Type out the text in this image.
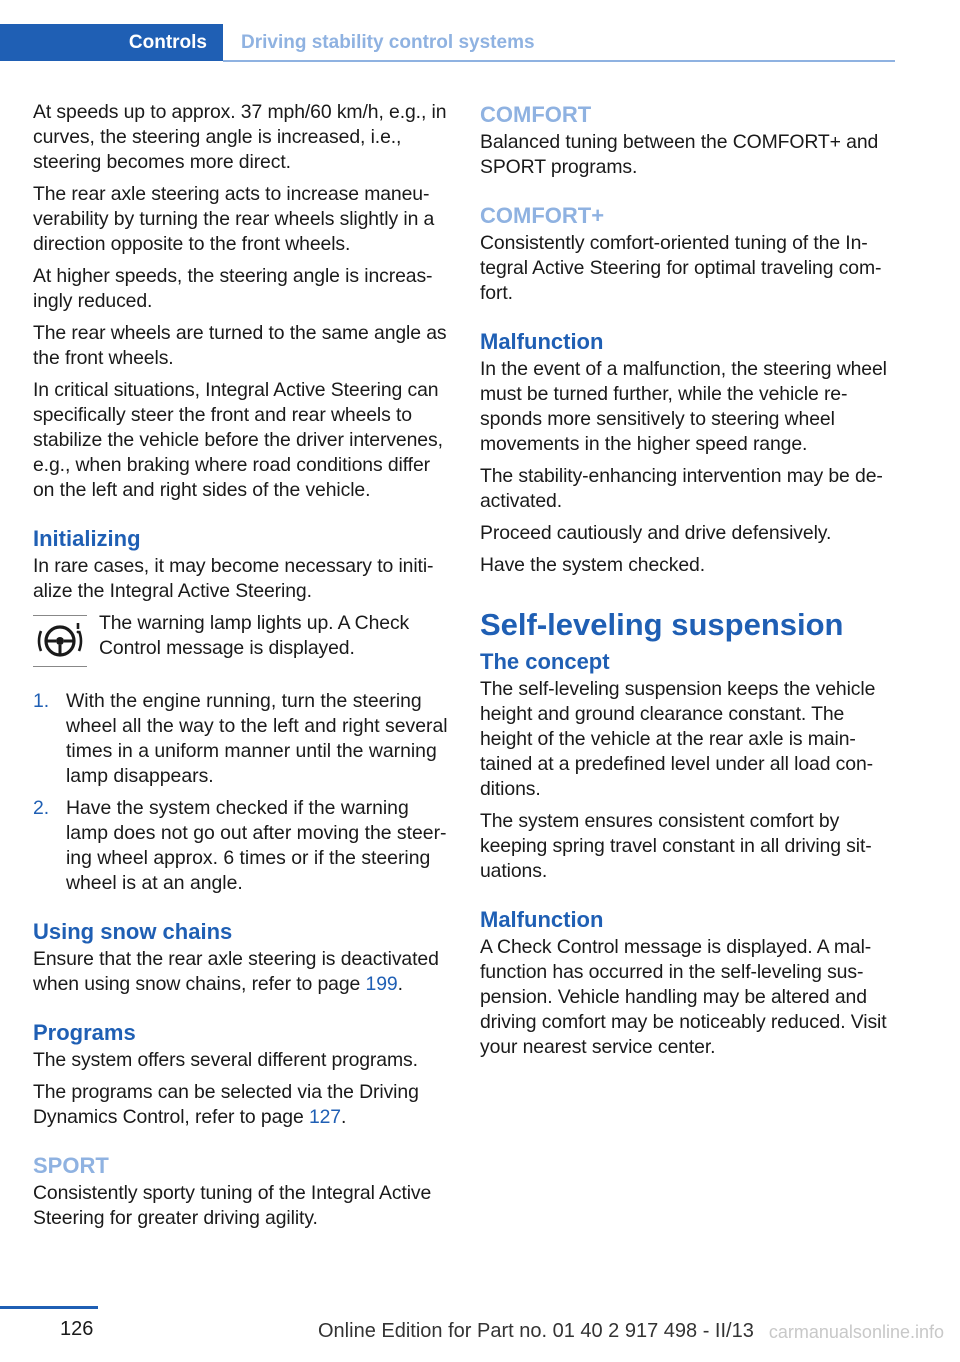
Controls Driving stability control systems

At speeds up to approx. 37 mph/60 km/h, e.g., in curves, the steering angle is increased, i.e., steering becomes more direct.

The rear axle steering acts to increase maneu‐verability by turning the rear wheels slightly in a direction opposite to the front wheels.

At higher speeds, the steering angle is increas‐ingly reduced.

The rear wheels are turned to the same angle as the front wheels.

In critical situations, Integral Active Steering can specifically steer the front and rear wheels to stabilize the vehicle before the driver intervenes, e.g., when braking where road conditions differ on the left and right sides of the vehicle.

Initializing

In rare cases, it may become necessary to initi‐alize the Integral Active Steering.

The warning lamp lights up. A Check Control message is displayed.

1. With the engine running, turn the steering wheel all the way to the left and right several times in a uniform manner until the warning lamp disappears.
2. Have the system checked if the warning lamp does not go out after moving the steer‐ing wheel approx. 6 times or if the steering wheel is at an angle.
Using snow chains

Ensure that the rear axle steering is deactivated when using snow chains, refer to page 199.

Programs

The system offers several different programs.

The programs can be selected via the Driving Dynamics Control, refer to page 127.

SPORT

Consistently sporty tuning of the Integral Active Steering for greater driving agility.

COMFORT

Balanced tuning between the COMFORT+ and SPORT programs.

COMFORT+

Consistently comfort-oriented tuning of the In‐tegral Active Steering for optimal traveling com‐fort.

Malfunction

In the event of a malfunction, the steering wheel must be turned further, while the vehicle re‐sponds more sensitively to steering wheel movements in the higher speed range.

The stability-enhancing intervention may be de‐activated.

Proceed cautiously and drive defensively.

Have the system checked.

Self-leveling suspension
The concept

The self-leveling suspension keeps the vehicle height and ground clearance constant. The height of the vehicle at the rear axle is main‐tained at a predefined level under all load con‐ditions.

The system ensures consistent comfort by keeping spring travel constant in all driving sit‐uations.

Malfunction

A Check Control message is displayed. A mal‐function has occurred in the self-leveling sus‐pension. Vehicle handling may be altered and driving comfort may be noticeably reduced. Visit your nearest service center.

126	Online Edition for Part no. 01 40 2 917 498 - II/13 carmanualsonline.info
